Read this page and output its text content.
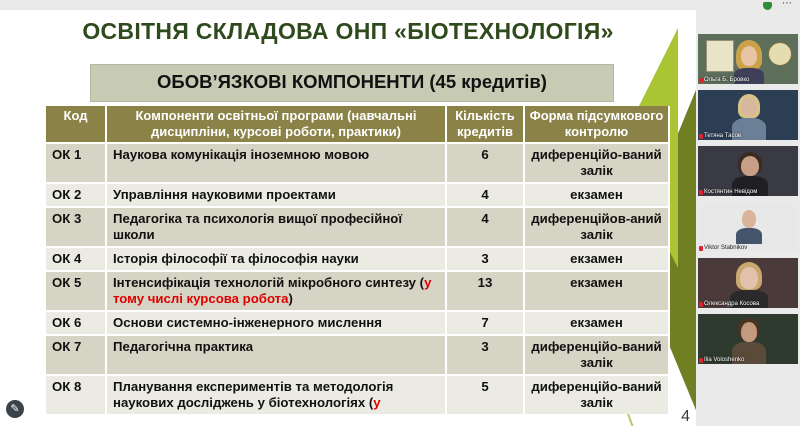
⋯
ОСВІТНЯ СКЛАДОВА ОНП «БІОТЕХНОЛОГІЯ»
ОБОВ’ЯЗКОВІ КОМПОНЕНТИ (45 кредитів)
Код	Компоненти освітньої програми (навчальні дисципліни, курсові роботи, практики)	Кількість кредитів	Форма підсумкового контролю
ОК 1	Наукова комунікація іноземною мовою	6	диференційо-ваний залік
ОК 2	Управління науковими проектами	4	екзамен
ОК 3	Педагогіка та психологія вищої професійної школи	4	диференційов-аний залік
ОК 4	Історія філософії та філософія науки	3	екзамен
ОК 5	Інтенсифікація технологій мікробного синтезу (у тому числі курсова робота)	13	екзамен
ОК 6	Основи системно-інженерного мислення	7	екзамен
ОК 7	Педагогічна практика	3	диференційо-ваний залік
ОК 8	Планування експериментів та методологія наукових досліджень у біотехнологіях (у	5	диференційо-ваний залік
✎	4
Ольга Б. Бровко
Тетяна Тасов
Костянтин Невідом
Viktor Stabnikov
Олександра Косова
Ilia Voloshenko
